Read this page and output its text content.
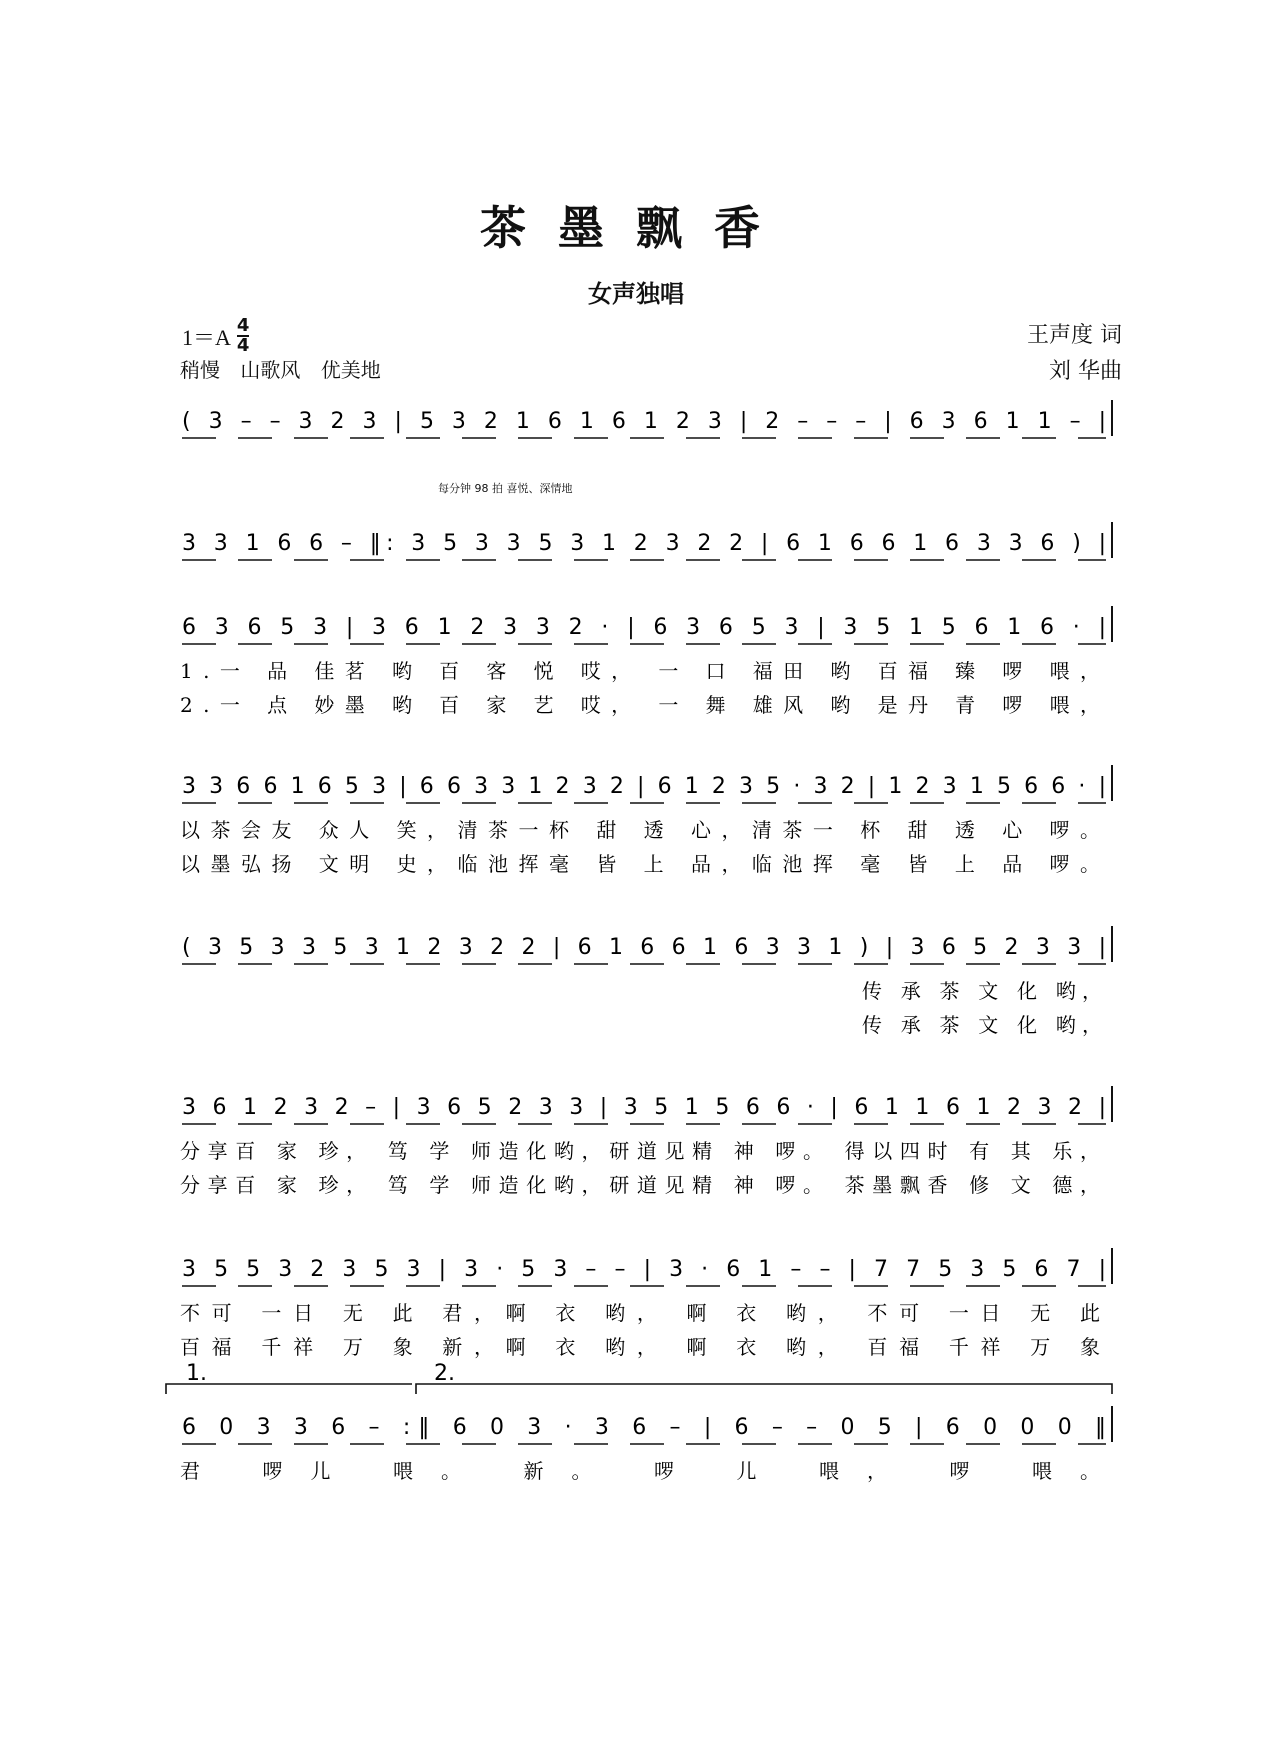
茶墨飘香
女声独唱
1＝A 4
4
稍慢 山歌风 优美地
王声度 词
刘 华曲
每分钟 98 拍 喜悦、深情地
( 3 – – 3 2 3 | 5 3 2 1 6 1 6 1 2 3 | 2 – – – | 6 3 6 1 1 – |
3 3 1 6 6 – ‖: 3 5 3 3 5 3 1 2 3 2 2 | 6 1 6 6 1 6 3 3 6 ) |
6 3 6 5 3 | 3 6 1 2 3 3 2 · | 6 3 6 5 3 | 3 5 1 5 6 1 6 · |
1.一 品 佳茗 哟 百 客 悦 哎， 一 口 福田 哟 百福 臻 啰 喂，
2.一 点 妙墨 哟 百 家 艺 哎， 一 舞 雄风 哟 是丹 青 啰 喂，
3 3 6 6 1 6 5 3 | 6 6 3 3 1 2 3 2 | 6 1 2 3 5 · 3 2 | 1 2 3 1 5 6 6 · |
以茶会友 众人 笑，清茶一杯 甜 透 心，清茶一 杯 甜 透 心 啰。
以墨弘扬 文明 史，临池挥毫 皆 上 品，临池挥 毫 皆 上 品 啰。
( 3 5 3 3 5 3 1 2 3 2 2 | 6 1 6 6 1 6 3 3 1 ) | 3 6 5 2 3 3 |
传 承 茶 文 化 哟，
传 承 茶 文 化 哟，
3 6 1 2 3 2 – | 3 6 5 2 3 3 | 3 5 1 5 6 6 · | 6 1 1 6 1 2 3 2 |
分享百 家 珍， 笃 学 师造化哟，研道见精 神 啰。 得以四时 有 其 乐，
分享百 家 珍， 笃 学 师造化哟，研道见精 神 啰。 茶墨飘香 修 文 德，
3 5 5 3 2 3 5 3 | 3 · 5 3 – – | 3 · 6 1 – – | 7 7 5 3 5 6 7 |
不可 一日 无 此 君，啊 衣 哟， 啊 衣 哟， 不可 一日 无 此
百福 千祥 万 象 新，啊 衣 哟， 啊 衣 哟， 百福 千祥 万 象
6 0 3 3 6 – :‖ 6 0 3 · 3 6 – | 6 – – 0 5 | 6 0 0 0 ‖
1.	2.
君 啰儿 喂。 新。 啰 儿 喂， 啰 喂。
